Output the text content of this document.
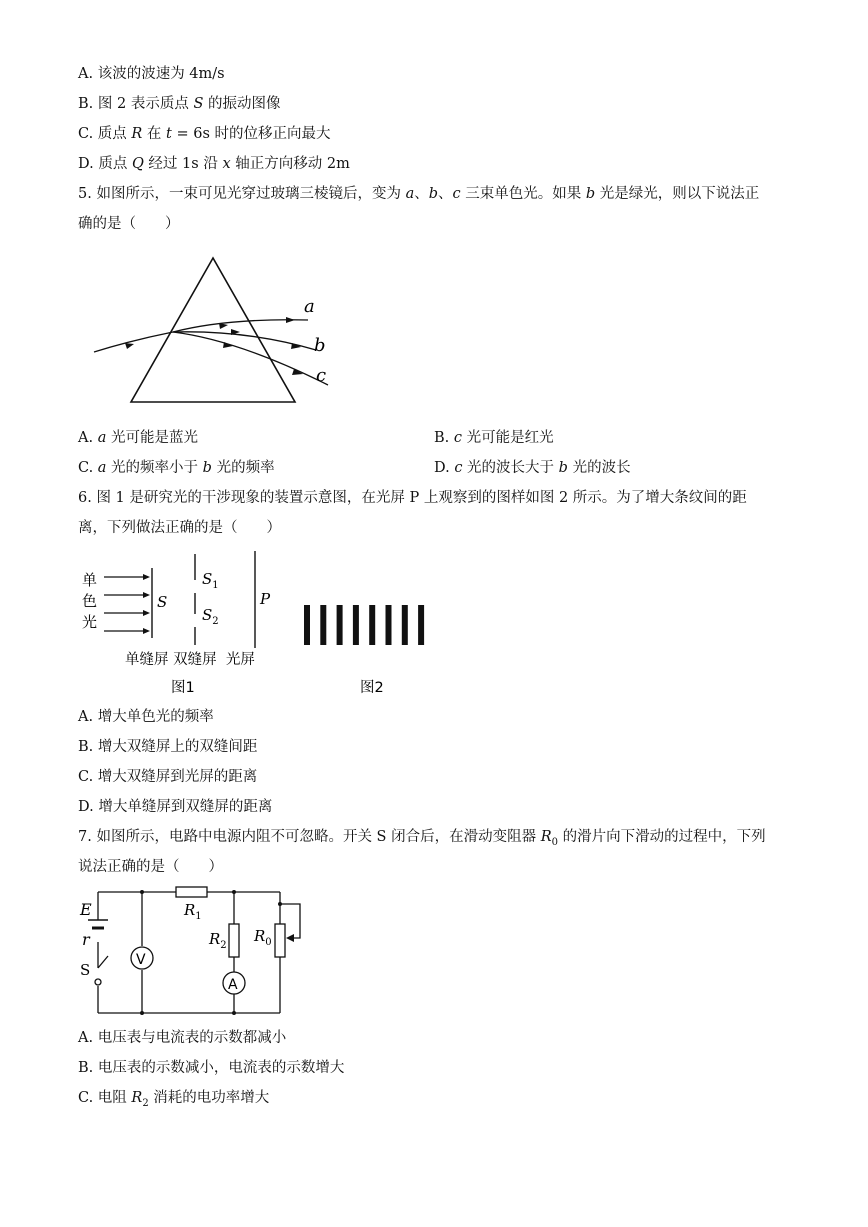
A. 该波的波速为 4m/s
B. 图 2 表示质点 S 的振动图像
C. 质点 R 在 t = 6s 时的位移正向最大
D. 质点 Q 经过 1s 沿 x 轴正方向移动 2m
5. 如图所示，一束可见光穿过玻璃三棱镜后，变为 a、b、c 三束单色光。如果 b 光是绿光，则以下说法正
确的是（　　）
a
b
c
A. a 光可能是蓝光	B. c 光可能是红光
C. a 光的频率小于 b 光的频率	D. c 光的波长大于 b 光的波长
6. 图 1 是研究光的干涉现象的装置示意图，在光屏 P 上观察到的图样如图 2 所示。为了增大条纹间的距
离，下列做法正确的是（　　）
单
色
光
S
$S_1$
$S_2$
P
单缝屏 双缝屏  光屏
图1	图2
A. 增大单色光的频率
B. 增大双缝屏上的双缝间距
C. 增大双缝屏到光屏的距离
D. 增大单缝屏到双缝屏的距离
7. 如图所示，电路中电源内阻不可忽略。开关 S 闭合后，在滑动变阻器 $R_0$ 的滑片向下滑动的过程中，下列
说法正确的是（　　）
V
A
E
r
S
$R_1$
$R_2$
$R_0$
A. 电压表与电流表的示数都减小
B. 电压表的示数减小，电流表的示数增大
C. 电阻 $R_2$ 消耗的电功率增大
